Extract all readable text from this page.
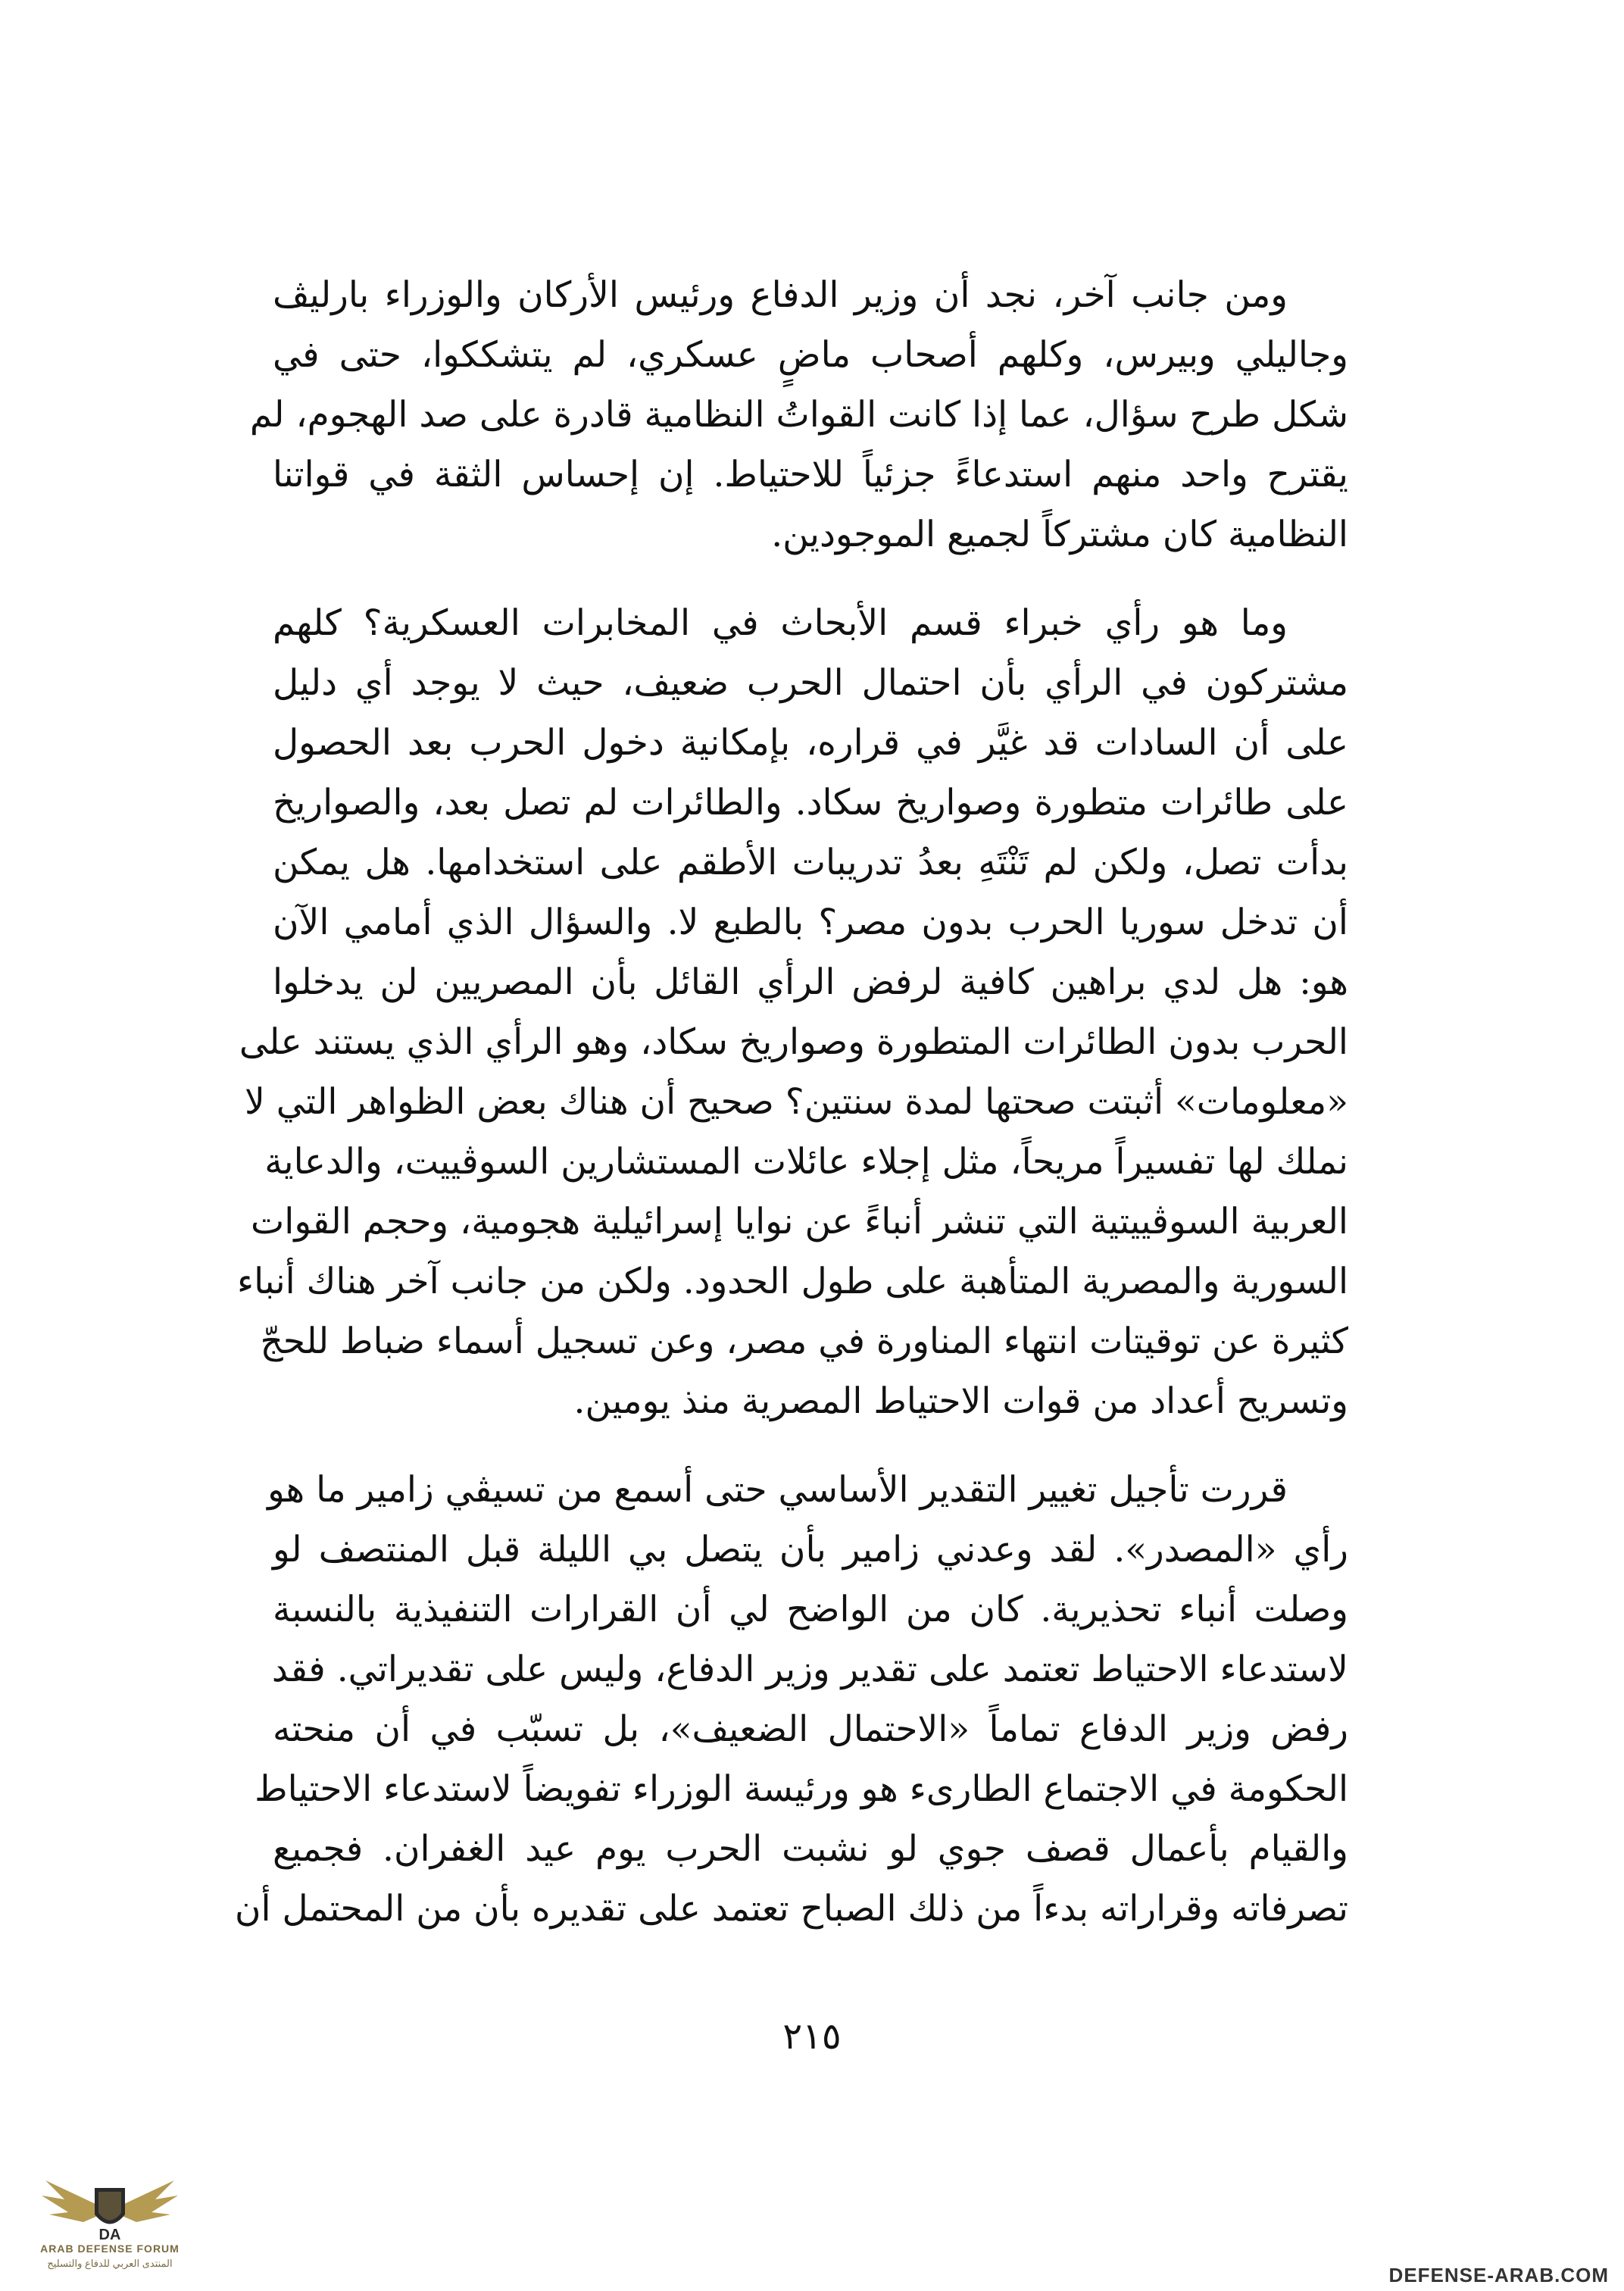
ومن جانب آخر، نجد أن وزير الدفاع ورئيس الأركان والوزراء بارليڤ
وجاليلي وبيرس، وكلهم أصحاب ماضٍ عسكري، لم يتشككوا، حتى في
شكل طرح سؤال، عما إذا كانت القواتُ النظامية قادرة على صد الهجوم، لم
يقترح واحد منهم استدعاءً جزئياً للاحتياط. إن إحساس الثقة في قواتنا
النظامية كان مشتركاً لجميع الموجودين.

وما هو رأي خبراء قسم الأبحاث في المخابرات العسكرية؟ كلهم
مشتركون في الرأي بأن احتمال الحرب ضعيف، حيث لا يوجد أي دليل
على أن السادات قد غيَّر في قراره، بإمكانية دخول الحرب بعد الحصول
على طائرات متطورة وصواريخ سكاد. والطائرات لم تصل بعد، والصواريخ
بدأت تصل، ولكن لم تَنْتَهِ بعدُ تدريبات الأطقم على استخدامها. هل يمكن
أن تدخل سوريا الحرب بدون مصر؟ بالطبع لا. والسؤال الذي أمامي الآن
هو: هل لدي براهين كافية لرفض الرأي القائل بأن المصريين لن يدخلوا
الحرب بدون الطائرات المتطورة وصواريخ سكاد، وهو الرأي الذي يستند على
«معلومات» أثبتت صحتها لمدة سنتين؟ صحيح أن هناك بعض الظواهر التي لا
نملك لها تفسيراً مريحاً، مثل إجلاء عائلات المستشارين السوڤييت، والدعاية
العربية السوڤييتية التي تنشر أنباءً عن نوايا إسرائيلية هجومية، وحجم القوات
السورية والمصرية المتأهبة على طول الحدود. ولكن من جانب آخر هناك أنباء
كثيرة عن توقيتات انتهاء المناورة في مصر، وعن تسجيل أسماء ضباط للحجّ
وتسريح أعداد من قوات الاحتياط المصرية منذ يومين.

قررت تأجيل تغيير التقدير الأساسي حتى أسمع من تسيڤي زامير ما هو
رأي «المصدر». لقد وعدني زامير بأن يتصل بي الليلة قبل المنتصف لو
وصلت أنباء تحذيرية. كان من الواضح لي أن القرارات التنفيذية بالنسبة
لاستدعاء الاحتياط تعتمد على تقدير وزير الدفاع، وليس على تقديراتي. فقد
رفض وزير الدفاع تماماً «الاحتمال الضعيف»، بل تسبّب في أن منحته
الحكومة في الاجتماع الطارىء هو ورئيسة الوزراء تفويضاً لاستدعاء الاحتياط
والقيام بأعمال قصف جوي لو نشبت الحرب يوم عيد الغفران. فجميع
تصرفاته وقراراته بدءاً من ذلك الصباح تعتمد على تقديره بأن من المحتمل أن

٢١٥
DA
ARAB DEFENSE FORUM
المنتدى العربي للدفاع والتسليح
DEFENSE-ARAB.COM
